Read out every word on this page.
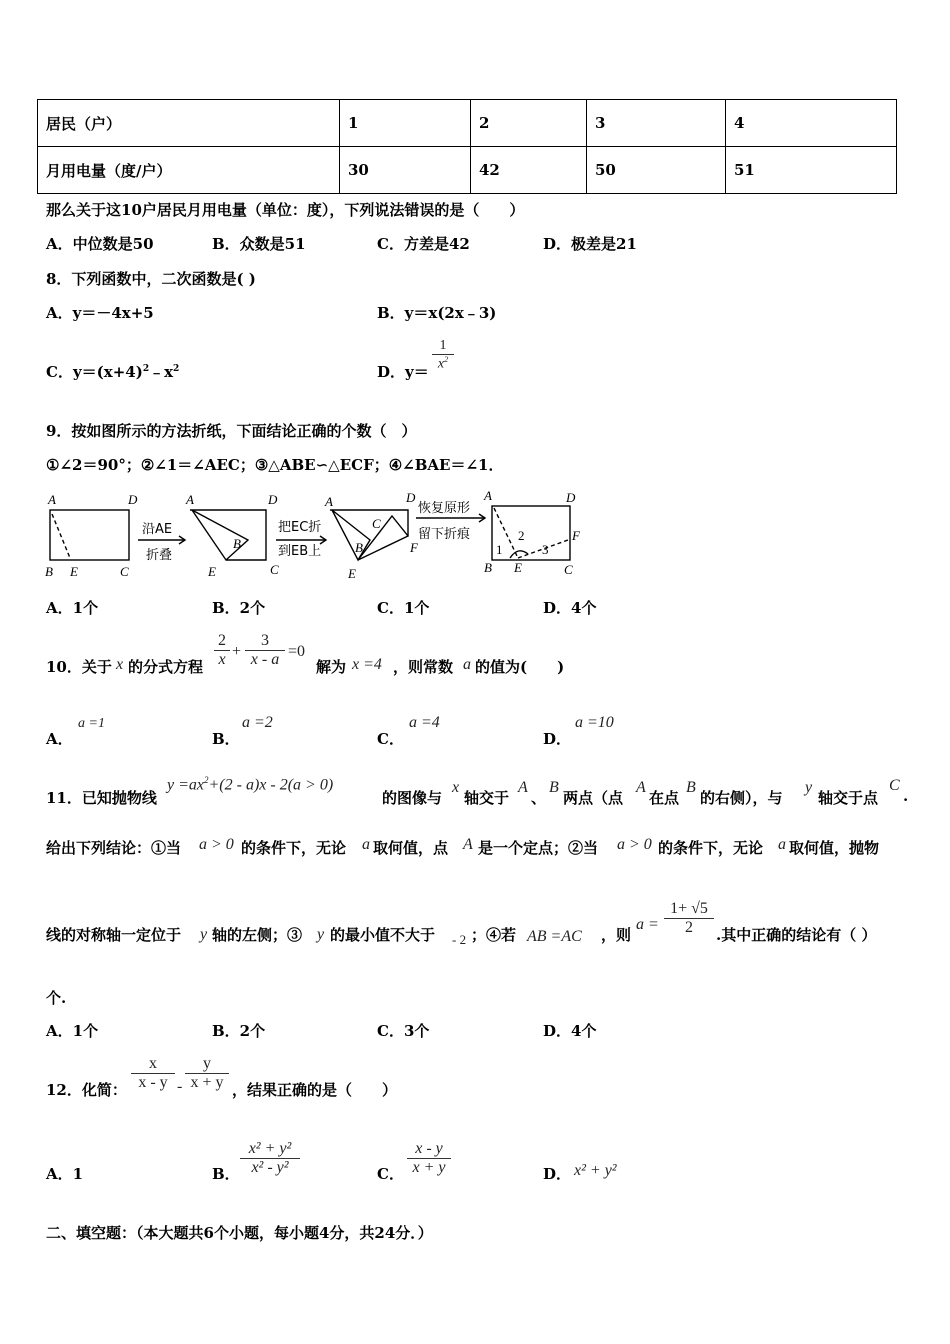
居民（户）	1	2	3	4
月用电量（度/户）	30	42	50	51
那么关于这10户居民月用电量（单位：度），下列说法错误的是（　　）
A．中位数是50	B．众数是51	C．方差是42	D．极差是21
8．下列函数中，二次函数是( )
A．y＝－4x+5	B．y＝x(2x﹣3)
C．$y=(x+4)^2﹣x^2$	D．y＝
1
$x^2$
9．按如图所示的方法折纸，下面结论正确的个数（　）
①∠2＝90°；②∠1＝∠AEC；③△ABE∽△ECF；④∠BAE＝∠1．
A	D
B E	C
A	D
B
E	C
A	D
C
B
E
F
A	D
F
B E	C
1
2
3
沿AE
折叠
把EC折
到EB上
恢复原形
留下折痕
A．1个	B．2个	C．1个	D．4个
10．关于 x 的分式方程
2
x +
3
x - a =0
解为 x =4 ，则常数 a 的值为(　　)
A．
a =1
B．
a =2
C．
a =4
D．
a =10
11．已知抛物线
$y =ax^2+(2 - a)x - 2(a > 0)$
的图像与
x
轴交于
A
、
B
两点（点
A
在点
B
的右侧），与
y
轴交于点
C
.
给出下列结论：①当 a > 0 的条件下，无论 a 取何值，点 A 是一个定点；②当 a > 0 的条件下，无论 a 取何值，抛物
线的对称轴一定位于 y 轴的左侧；③ y 的最小值不大于 - 2 ；④若 AB =AC ，则
a =
1+ √5
2	.其中正确的结论有（ ）
个.
A．1个	B．2个	C．3个	D．4个
12．化简：
x
x - y -
y
x + y ，结果正确的是（　　）
A．1	B．
x² + y²
x² - y²	C．
x - y
x + y	D． x² + y²
二、填空题：（本大题共6个小题，每小题4分，共24分．）
